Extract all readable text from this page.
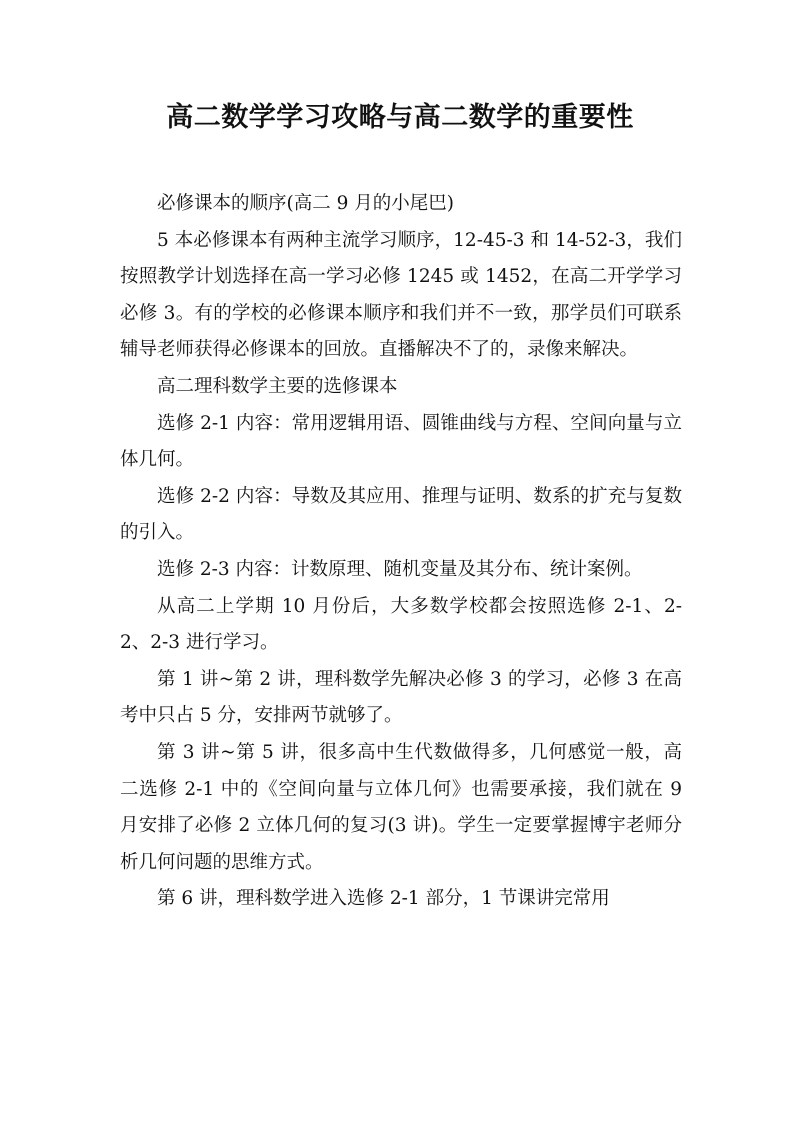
高二数学学习攻略与高二数学的重要性

必修课本的顺序(高二 9 月的小尾巴)

5 本必修课本有两种主流学习顺序，12-45-3 和 14-52-3，我们按照教学计划选择在高一学习必修 1245 或 1452，在高二开学学习必修 3。有的学校的必修课本顺序和我们并不一致，那学员们可联系辅导老师获得必修课本的回放。直播解决不了的，录像来解决。

高二理科数学主要的选修课本

选修 2-1 内容：常用逻辑用语、圆锥曲线与方程、空间向量与立体几何。

选修 2-2 内容：导数及其应用、推理与证明、数系的扩充与复数的引入。

选修 2-3 内容：计数原理、随机变量及其分布、统计案例。

从高二上学期 10 月份后，大多数学校都会按照选修 2-1、2-2、2-3 进行学习。

第 1 讲~第 2 讲，理科数学先解决必修 3 的学习，必修 3 在高考中只占 5 分，安排两节就够了。

第 3 讲~第 5 讲，很多高中生代数做得多，几何感觉一般，高二选修 2-1 中的《空间向量与立体几何》也需要承接，我们就在 9 月安排了必修 2 立体几何的复习(3 讲)。学生一定要掌握博宇老师分析几何问题的思维方式。

第 6 讲，理科数学进入选修 2-1 部分，1 节课讲完常用
